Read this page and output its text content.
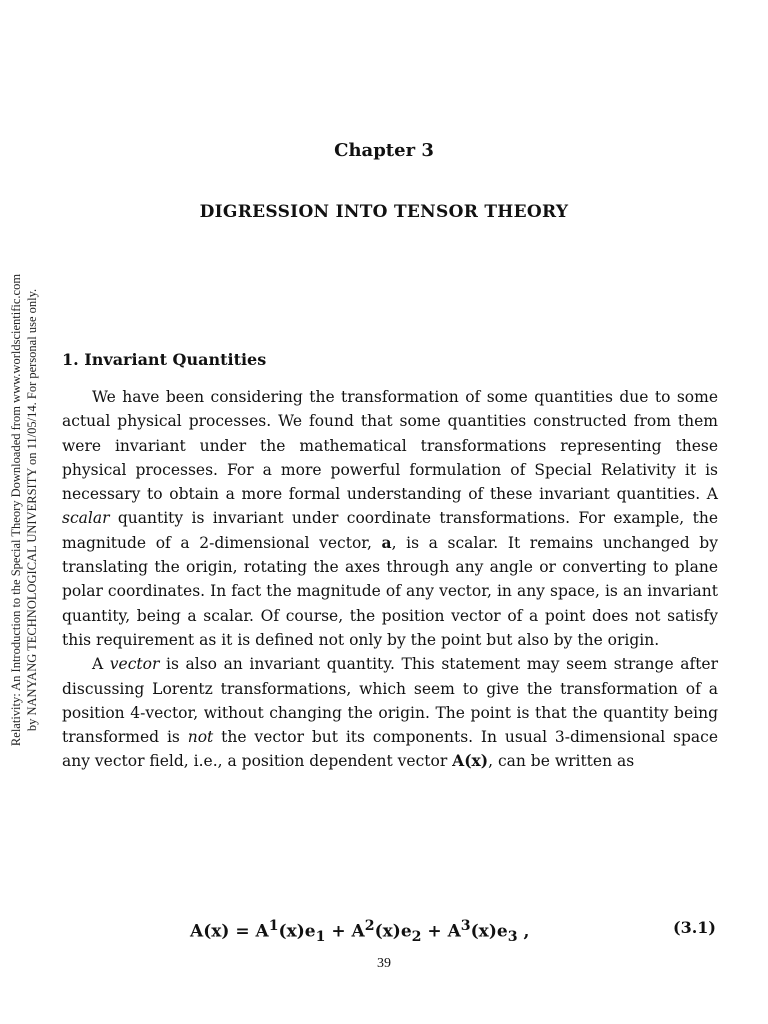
Relativity: An Introduction to the Special Theory Downloaded from www.worldscientific.com by NANYANG TECHNOLOGICAL UNIVERSITY on 11/05/14. For personal use only.
Chapter 3
DIGRESSION INTO TENSOR THEORY
1. Invariant Quantities

We have been considering the transformation of some quantities due to some actual physical processes. We found that some quantities constructed from them were invariant under the mathematical transformations representing these physical processes. For a more powerful formulation of Special Relativity it is necessary to obtain a more formal understanding of these invariant quantities. A scalar quantity is invariant under coordinate transformations. For example, the magnitude of a 2-dimensional vector, a, is a scalar. It remains unchanged by translating the origin, rotating the axes through any angle or converting to plane polar coordinates. In fact the magnitude of any vector, in any space, is an invariant quantity, being a scalar. Of course, the position vector of a point does not satisfy this requirement as it is defined not only by the point but also by the origin.

A vector is also an invariant quantity. This statement may seem strange after discussing Lorentz transformations, which seem to give the transformation of a position 4-vector, without changing the origin. The point is that the quantity being transformed is not the vector but its components. In usual 3-dimensional space any vector field, i.e., a position dependent vector A(x), can be written as

$A(x) = A^1(x)e_1 + A^2(x)e_2 + A^3(x)e_3$ ,	(3.1)
39
